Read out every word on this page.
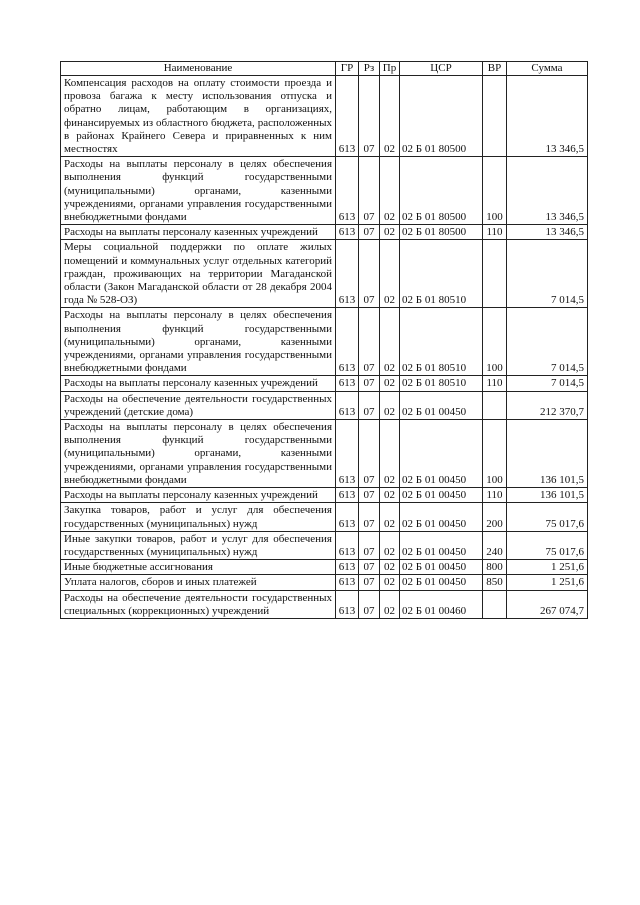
Наименование	ГР	Рз	Пр	ЦСР	ВР	Сумма
Компенсация расходов на оплату стоимости проезда и провоза багажа к месту использования отпуска и обратно лицам, работающим в организациях, финансируемых из областного бюджета, расположенных в районах Крайнего Севера и приравненных к ним местностях	613	07	02	02 Б 01 80500		13 346,5
Расходы на выплаты персоналу в целях обеспечения выполнения функций государственными (муниципальными) органами, казенными учреждениями, органами управления государственными внебюджетными фондами	613	07	02	02 Б 01 80500	100	13 346,5
Расходы на выплаты персоналу казенных учреждений	613	07	02	02 Б 01 80500	110	13 346,5
Меры социальной поддержки по оплате жилых помещений и коммунальных услуг отдельных категорий граждан, проживающих на территории Магаданской области (Закон Магаданской области от 28 декабря 2004 года № 528-ОЗ)	613	07	02	02 Б 01 80510		7 014,5
Расходы на выплаты персоналу в целях обеспечения выполнения функций государственными (муниципальными) органами, казенными учреждениями, органами управления государственными внебюджетными фондами	613	07	02	02 Б 01 80510	100	7 014,5
Расходы на выплаты персоналу казенных учреждений	613	07	02	02 Б 01 80510	110	7 014,5
Расходы на обеспечение деятельности государственных учреждений (детские дома)	613	07	02	02 Б 01 00450		212 370,7
Расходы на выплаты персоналу в целях обеспечения выполнения функций государственными (муниципальными) органами, казенными учреждениями, органами управления государственными внебюджетными фондами	613	07	02	02 Б 01 00450	100	136 101,5
Расходы на выплаты персоналу казенных учреждений	613	07	02	02 Б 01 00450	110	136 101,5
Закупка товаров, работ и услуг для обеспечения государственных (муниципальных) нужд	613	07	02	02 Б 01 00450	200	75 017,6
Иные закупки товаров, работ и услуг для обеспечения государственных (муниципальных) нужд	613	07	02	02 Б 01 00450	240	75 017,6
Иные бюджетные ассигнования	613	07	02	02 Б 01 00450	800	1 251,6
Уплата налогов, сборов и иных платежей	613	07	02	02 Б 01 00450	850	1 251,6
Расходы на обеспечение деятельности государственных специальных (коррекционных) учреждений	613	07	02	02 Б 01 00460		267 074,7
